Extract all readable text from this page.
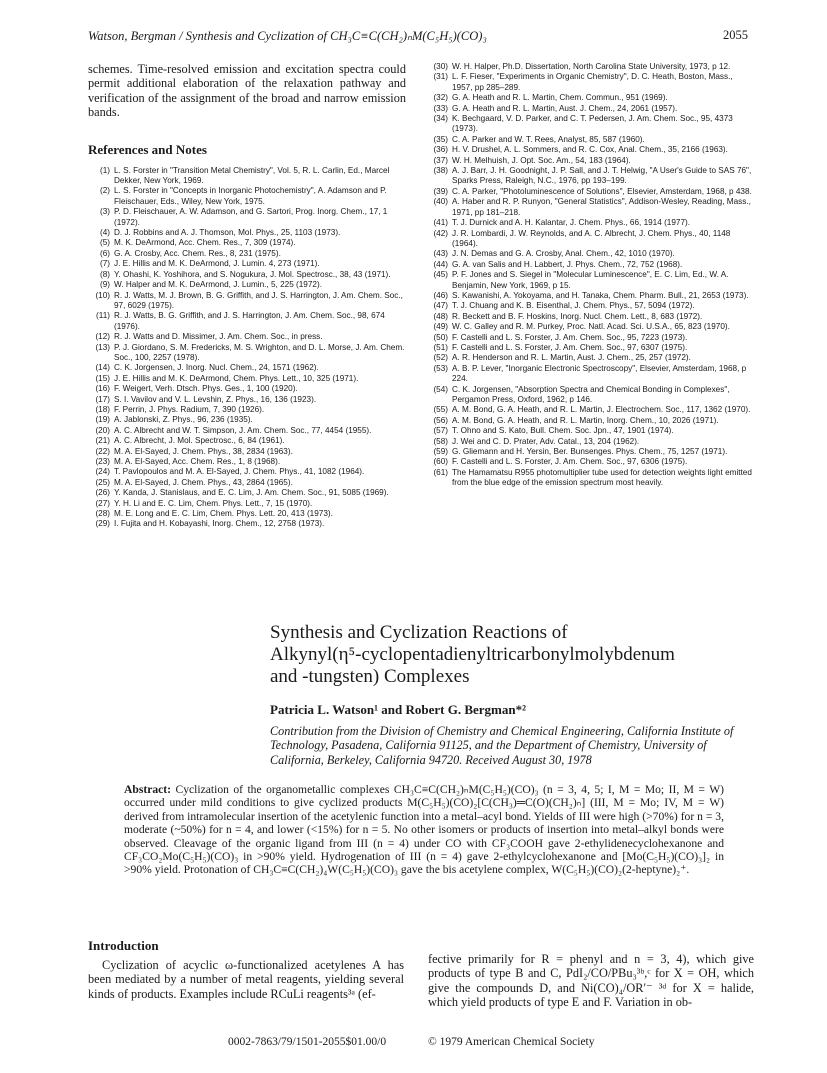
Watson, Bergman / Synthesis and Cyclization of CH₃C≡C(CH₂)ₙM(C₅H₅)(CO)₃	2055

schemes. Time-resolved emission and excitation spectra could permit additional elaboration of the relaxation pathway and verification of the assignment of the broad and narrow emission bands.

References and Notes
(1) L. S. Forster in "Transition Metal Chemistry", Vol. 5, R. L. Carlin, Ed., Marcel Dekker, New York, 1969.
(2) L. S. Forster in "Concepts in Inorganic Photochemistry", A. Adamson and P. Fleischauer, Eds., Wiley, New York, 1975.
(3) P. D. Fleischauer, A. W. Adamson, and G. Sartori, Prog. Inorg. Chem., 17, 1 (1972).
(4) D. J. Robbins and A. J. Thomson, Mol. Phys., 25, 1103 (1973).
(5) M. K. DeArmond, Acc. Chem. Res., 7, 309 (1974).
(6) G. A. Crosby, Acc. Chem. Res., 8, 231 (1975).
(7) J. E. Hillis and M. K. DeArmond, J. Lumin. 4, 273 (1971).
(8) Y. Ohashi, K. Yoshihora, and S. Nogukura, J. Mol. Spectrosc., 38, 43 (1971).
(9) W. Halper and M. K. DeArmond, J. Lumin., 5, 225 (1972).
(10) R. J. Watts, M. J. Brown, B. G. Griffith, and J. S. Harrington, J. Am. Chem. Soc., 97, 6029 (1975).
(11) R. J. Watts, B. G. Griffith, and J. S. Harrington, J. Am. Chem. Soc., 98, 674 (1976).
(12) R. J. Watts and D. Missimer, J. Am. Chem. Soc., in press.
(13) P. J. Giordano, S. M. Fredericks, M. S. Wrighton, and D. L. Morse, J. Am. Chem. Soc., 100, 2257 (1978).
(14) C. K. Jorgensen, J. Inorg. Nucl. Chem., 24, 1571 (1962).
(15) J. E. Hillis and M. K. DeArmond, Chem. Phys. Lett., 10, 325 (1971).
(16) F. Weigert, Verh. Dtsch. Phys. Ges., 1, 100 (1920).
(17) S. I. Vavilov and V. L. Levshin, Z. Phys., 16, 136 (1923).
(18) F. Perrin, J. Phys. Radium, 7, 390 (1926).
(19) A. Jablonski, Z. Phys., 96, 236 (1935).
(20) A. C. Albrecht and W. T. Simpson, J. Am. Chem. Soc., 77, 4454 (1955).
(21) A. C. Albrecht, J. Mol. Spectrosc., 6, 84 (1961).
(22) M. A. El-Sayed, J. Chem. Phys., 38, 2834 (1963).
(23) M. A. El-Sayed, Acc. Chem. Res., 1, 8 (1968).
(24) T. Pavlopoulos and M. A. El-Sayed, J. Chem. Phys., 41, 1082 (1964).
(25) M. A. El-Sayed, J. Chem. Phys., 43, 2864 (1965).
(26) Y. Kanda, J. Stanislaus, and E. C. Lim, J. Am. Chem. Soc., 91, 5085 (1969).
(27) Y. H. Li and E. C. Lim, Chem. Phys. Lett., 7, 15 (1970).
(28) M. E. Long and E. C. Lim, Chem. Phys. Lett. 20, 413 (1973).
(29) I. Fujita and H. Kobayashi, Inorg. Chem., 12, 2758 (1973).
(30) W. H. Halper, Ph.D. Dissertation, North Carolina State University, 1973, p 12.
(31) L. F. Fieser, "Experiments in Organic Chemistry", D. C. Heath, Boston, Mass., 1957, pp 285–289.
(32) G. A. Heath and R. L. Martin, Chem. Commun., 951 (1969).
(33) G. A. Heath and R. L. Martin, Aust. J. Chem., 24, 2061 (1957).
(34) K. Bechgaard, V. D. Parker, and C. T. Pedersen, J. Am. Chem. Soc., 95, 4373 (1973).
(35) C. A. Parker and W. T. Rees, Analyst, 85, 587 (1960).
(36) H. V. Drushel, A. L. Sommers, and R. C. Cox, Anal. Chem., 35, 2166 (1963).
(37) W. H. Melhuish, J. Opt. Soc. Am., 54, 183 (1964).
(38) A. J. Barr, J. H. Goodnight, J. P. Sall, and J. T. Helwig, "A User's Guide to SAS 76", Sparks Press, Raleigh, N.C., 1976, pp 193–199.
(39) C. A. Parker, "Photoluminescence of Solutions", Elsevier, Amsterdam, 1968, p 438.
(40) A. Haber and R. P. Runyon, "General Statistics", Addison-Wesley, Reading, Mass., 1971, pp 181–218.
(41) T. J. Durnick and A. H. Kalantar, J. Chem. Phys., 66, 1914 (1977).
(42) J. R. Lombardi, J. W. Reynolds, and A. C. Albrecht, J. Chem. Phys., 40, 1148 (1964).
(43) J. N. Demas and G. A. Crosby, Anal. Chem., 42, 1010 (1970).
(44) G. A. van Salis and H. Labbert, J. Phys. Chem., 72, 752 (1968).
(45) P. F. Jones and S. Siegel in "Molecular Luminescence", E. C. Lim, Ed., W. A. Benjamin, New York, 1969, p 15.
(46) S. Kawanishi, A. Yokoyama, and H. Tanaka, Chem. Pharm. Bull., 21, 2653 (1973).
(47) T. J. Chuang and K. B. Eisenthal, J. Chem. Phys., 57, 5094 (1972).
(48) R. Beckett and B. F. Hoskins, Inorg. Nucl. Chem. Lett., 8, 683 (1972).
(49) W. C. Galley and R. M. Purkey, Proc. Natl. Acad. Sci. U.S.A., 65, 823 (1970).
(50) F. Castelli and L. S. Forster, J. Am. Chem. Soc., 95, 7223 (1973).
(51) F. Castelli and L. S. Forster, J. Am. Chem. Soc., 97, 6307 (1975).
(52) A. R. Henderson and R. L. Martin, Aust. J. Chem., 25, 257 (1972).
(53) A. B. P. Lever, "Inorganic Electronic Spectroscopy", Elsevier, Amsterdam, 1968, p 224.
(54) C. K. Jorgensen, "Absorption Spectra and Chemical Bonding in Complexes", Pergamon Press, Oxford, 1962, p 146.
(55) A. M. Bond, G. A. Heath, and R. L. Martin, J. Electrochem. Soc., 117, 1362 (1970).
(56) A. M. Bond, G. A. Heath, and R. L. Martin, Inorg. Chem., 10, 2026 (1971).
(57) T. Ohno and S. Kato, Bull. Chem. Soc. Jpn., 47, 1901 (1974).
(58) J. Wei and C. D. Prater, Adv. Catal., 13, 204 (1962).
(59) G. Gliemann and H. Yersin, Ber. Bunsenges. Phys. Chem., 75, 1257 (1971).
(60) F. Castelli and L. S. Forster, J. Am. Chem. Soc., 97, 6306 (1975).
(61) The Hamamatsu R955 photomultiplier tube used for detection weights light emitted from the blue edge of the emission spectrum most heavily.
Synthesis and Cyclization Reactions of
Alkynyl(η⁵-cyclopentadienyltricarbonylmolybdenum
and -tungsten) Complexes
Patricia L. Watson¹ and Robert G. Bergman*²

Contribution from the Division of Chemistry and Chemical Engineering, California Institute of Technology, Pasadena, California 91125, and the Department of Chemistry, University of California, Berkeley, California 94720. Received August 30, 1978

Abstract: Cyclization of the organometallic complexes CH₃C≡C(CH₂)ₙM(C₅H₅)(CO)₃ (n = 3, 4, 5; I, M = Mo; II, M = W) occurred under mild conditions to give cyclized products M(C₅H₅)(CO)₂[C(CH₃)═C(O)(CH₂)ₙ] (III, M = Mo; IV, M = W) derived from intramolecular insertion of the acetylenic function into a metal–acyl bond. Yields of III were high (>70%) for n = 3, moderate (~50%) for n = 4, and lower (<15%) for n = 5. No other isomers or products of insertion into metal–alkyl bonds were observed. Cleavage of the organic ligand from III (n = 4) under CO with CF₃COOH gave 2-ethylidenecyclohexanone and CF₃CO₂Mo(C₅H₅)(CO)₃ in >90% yield. Hydrogenation of III (n = 4) gave 2-ethylcyclohexanone and [Mo(C₅H₅)(CO)₃]₂ in >90% yield. Protonation of CH₃C≡C(CH₂)₄W(C₅H₅)(CO)₃ gave the bis acetylene complex, W(C₅H₅)(CO)₂(2-heptyne)₂⁺.
Introduction

Cyclization of acyclic ω-functionalized acetylenes A has been mediated by a number of metal reagents, yielding several kinds of products. Examples include RCuLi reagents³ᵃ (ef-

fective primarily for R = phenyl and n = 3, 4), which give products of type B and C, PdI₂/CO/PBu₃³ᵇ,ᶜ for X = OH, which give the compounds D, and Ni(CO)₄/OR′⁻ ³ᵈ for X = halide, which yield products of type E and F. Variation in ob-

0002-7863/79/1501-2055$01.00/0	© 1979 American Chemical Society
